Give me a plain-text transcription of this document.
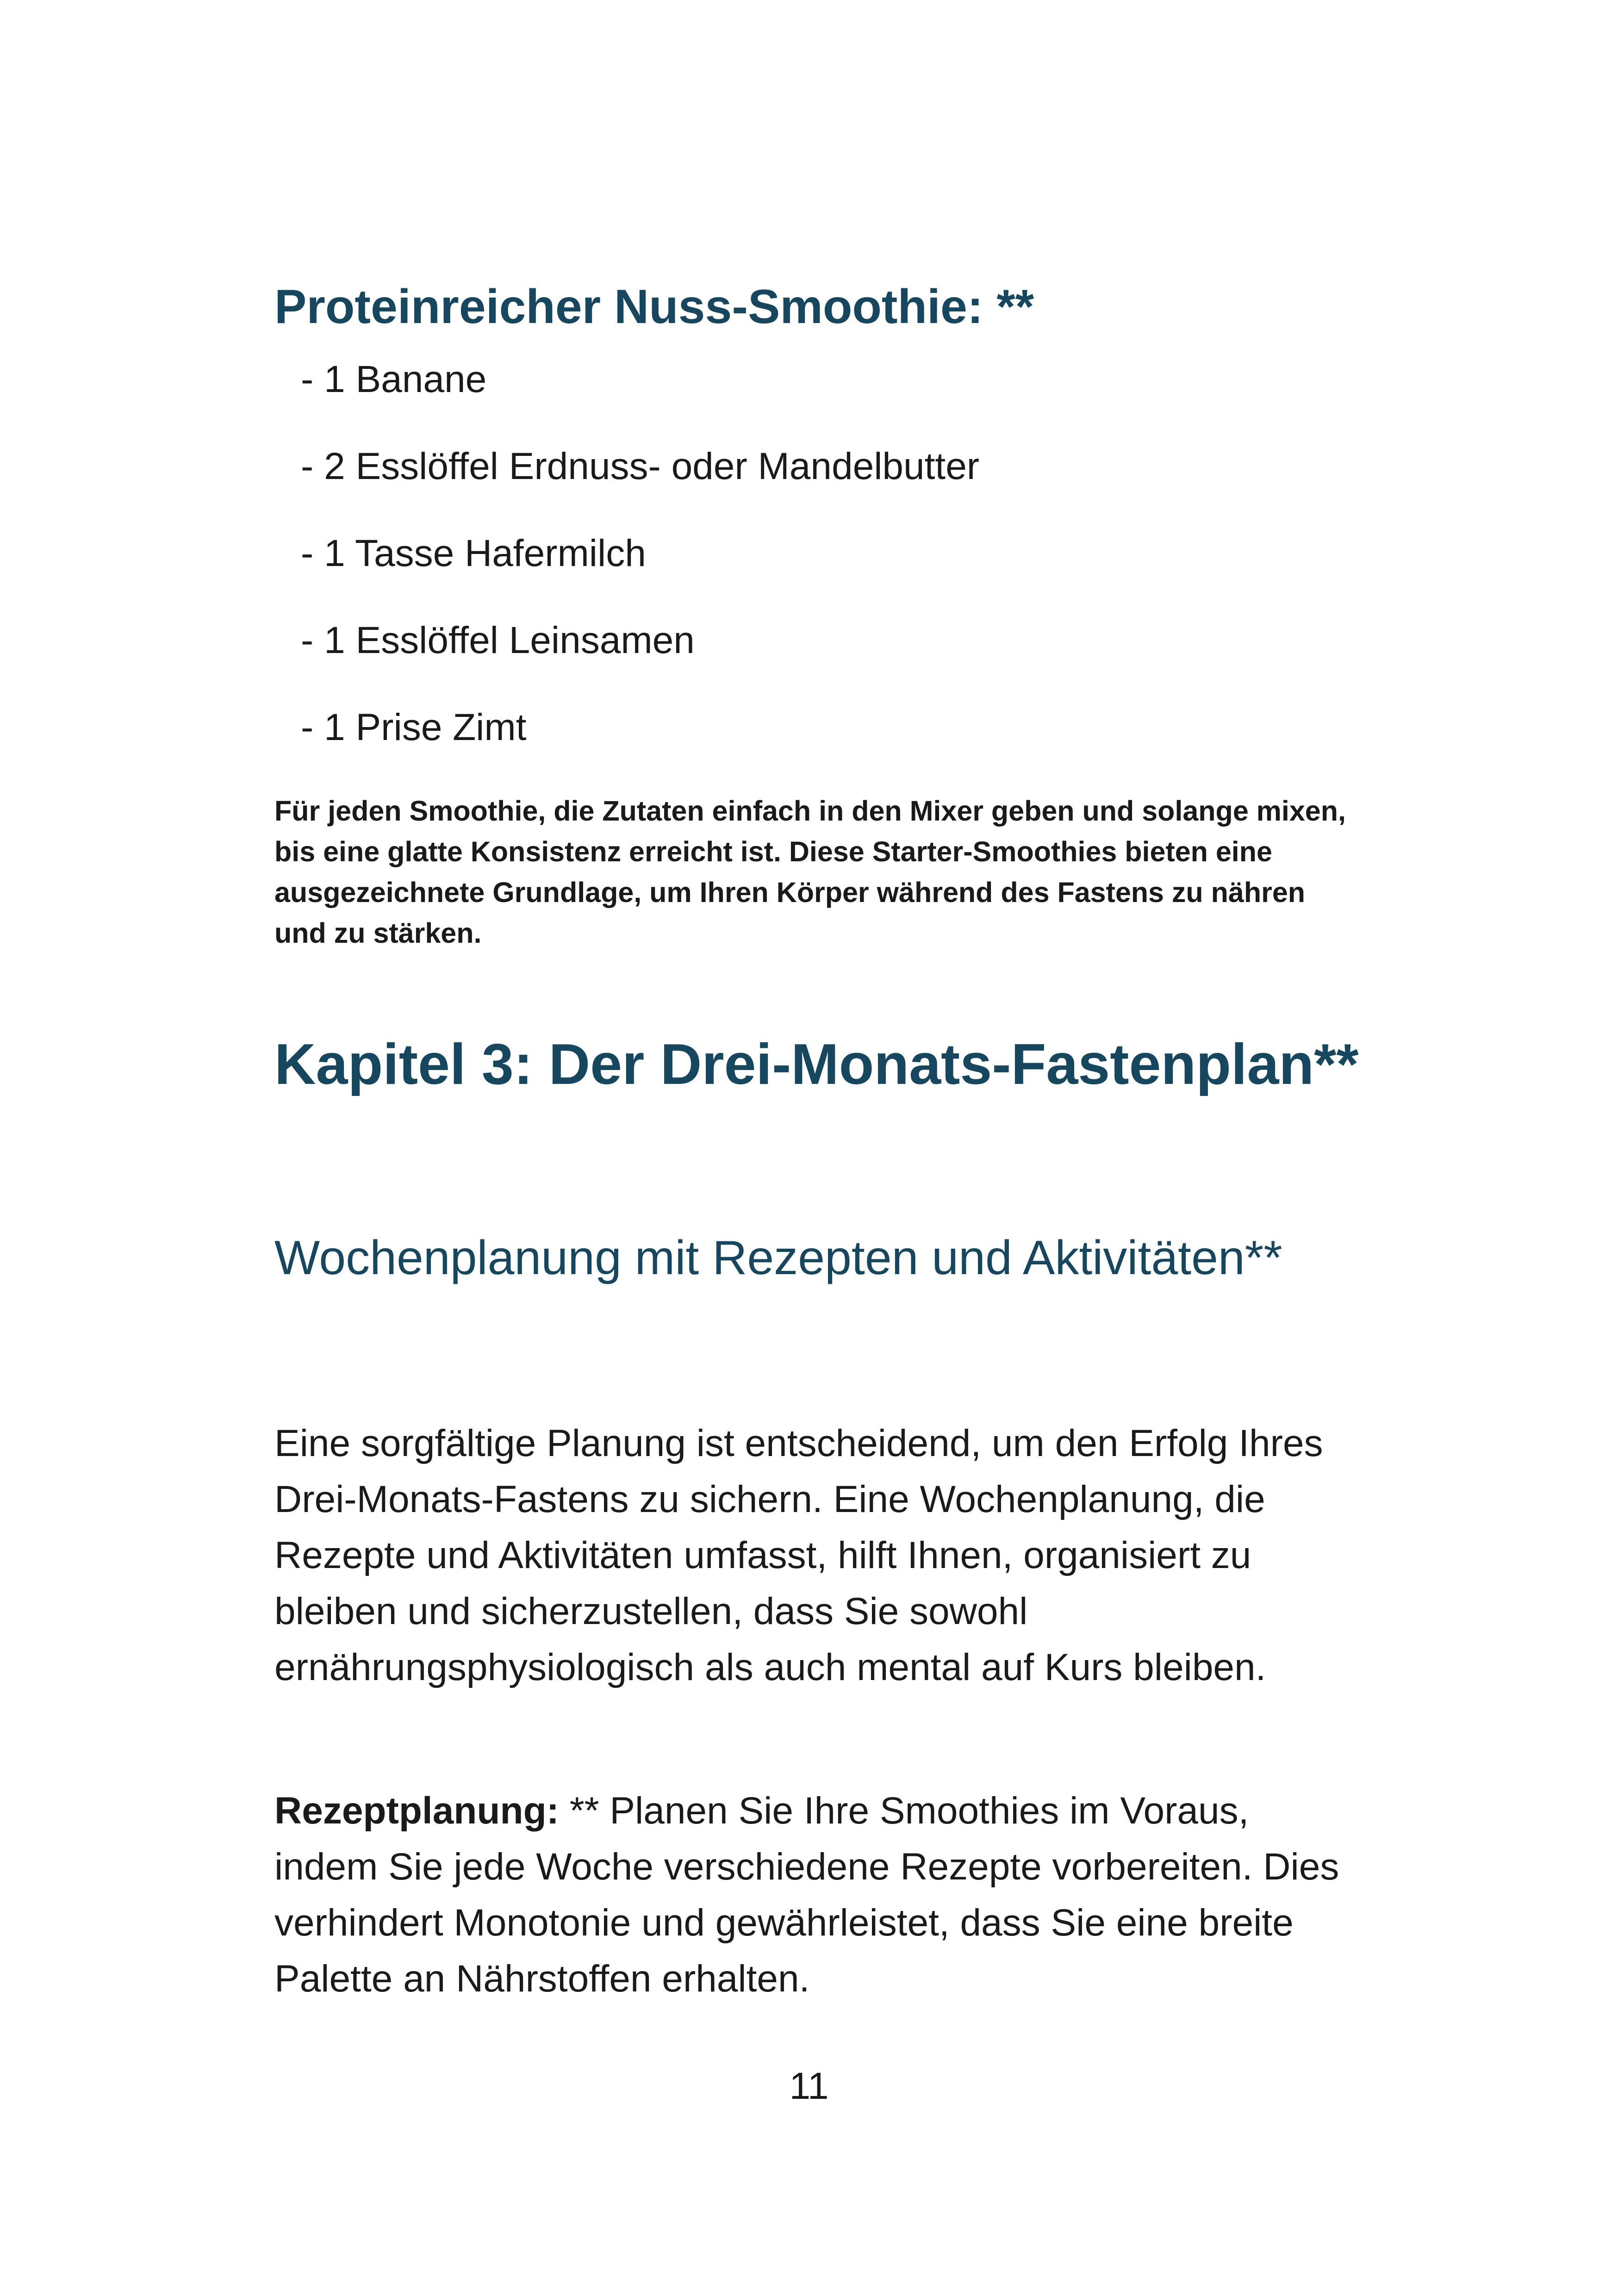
Proteinreicher Nuss-Smoothie: **
- 1 Banane
- 2 Esslöffel Erdnuss- oder Mandelbutter
- 1 Tasse Hafermilch
- 1 Esslöffel Leinsamen
- 1 Prise Zimt

Für jeden Smoothie, die Zutaten einfach in den Mixer geben und solange mixen, bis eine glatte Konsistenz erreicht ist. Diese Starter-Smoothies bieten eine ausgezeichnete Grundlage, um Ihren Körper während des Fastens zu nähren und zu stärken.

Kapitel 3: Der Drei-Monats-Fastenplan**
Wochenplanung mit Rezepten und Aktivitäten**

Eine sorgfältige Planung ist entscheidend, um den Erfolg Ihres Drei-Monats-Fastens zu sichern. Eine Wochenplanung, die Rezepte und Aktivitäten umfasst, hilft Ihnen, organisiert zu bleiben und sicherzustellen, dass Sie sowohl ernährungsphysiologisch als auch mental auf Kurs bleiben.

Rezeptplanung: ** Planen Sie Ihre Smoothies im Voraus, indem Sie jede Woche verschiedene Rezepte vorbereiten. Dies verhindert Monotonie und gewährleistet, dass Sie eine breite Palette an Nährstoffen erhalten.

11
